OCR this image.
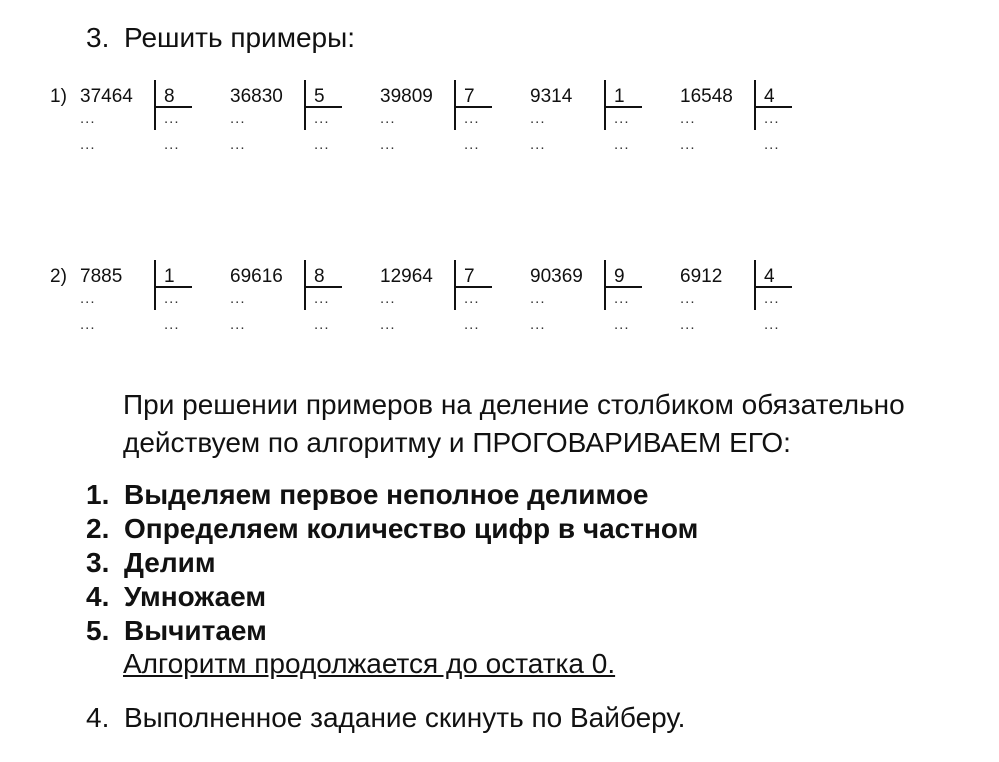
3. Решить примеры:
1) 37464 8
...
...
...
...
36830 5
...
...
...
...
39809 7
...
...
...
...
9314 1
...
...
...
...
16548 4
...
...
...
...
2) 7885 1
...
...
...
...
69616 8
...
...
...
...
12964 7
...
...
...
...
90369 9
...
...
...
...
6912 4
...
...
...
...
При решении примеров на деление столбиком обязательно
действуем по алгоритму и ПРОГОВАРИВАЕМ ЕГО:
1. Выделяем первое неполное делимое
2. Определяем количество цифр в частном
3. Делим
4. Умножаем
5. Вычитаем
Алгоритм продолжается до остатка 0.
4. Выполненное задание скинуть по Вайберу.
